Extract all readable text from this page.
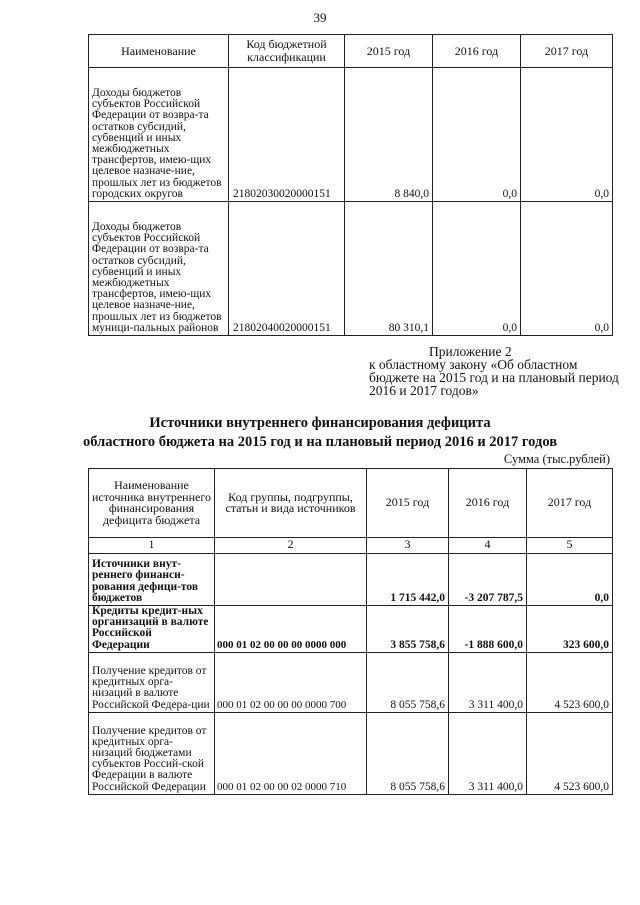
39
Наименование	Код бюджетной классификации	2015 год	2016 год	2017 год
Доходы бюджетов субъектов Российской Федерации от возвра-та остатков субсидий, субвенций и иных межбюджетных трансфертов, имею-щих целевое назначе-ние, прошлых лет из бюджетов городских округов	21802030020000151	8 840,0	0,0	0,0
Доходы бюджетов субъектов Российской Федерации от возвра-та остатков субсидий, субвенций и иных межбюджетных трансфертов, имею-щих целевое назначе-ние, прошлых лет из бюджетов муници-пальных районов	21802040020000151	80 310,1	0,0	0,0
Приложение 2
к областному закону «Об областном бюджете на 2015 год и на плановый период 2016 и 2017 годов»
Источники внутреннего финансирования дефицита
областного бюджета на 2015 год и на плановый период 2016 и 2017 годов
Сумма (тыс.рублей)
Наименование источника внутреннего финансирования дефицита бюджета	Код группы, подгруппы, статьи и вида источников	2015 год	2016 год	2017 год
1	2	3	4	5
Источники внут-реннего финанси-рования дефици-тов бюджетов		1 715 442,0	-3 207 787,5	0,0
Кредиты кредит-ных организаций в валюте Российской Федерации	000 01 02 00 00 00 0000 000	3 855 758,6	-1 888 600,0	323 600,0
Получение кредитов от кредитных орга-низаций в валюте Российской Федера-ции	000 01 02 00 00 00 0000 700	8 055 758,6	3 311 400,0	4 523 600,0
Получение кредитов от кредитных орга-низаций бюджетами субъектов Россий-ской Федерации в валюте Российской Федерации	000 01 02 00 00 02 0000 710	8 055 758,6	3 311 400,0	4 523 600,0
